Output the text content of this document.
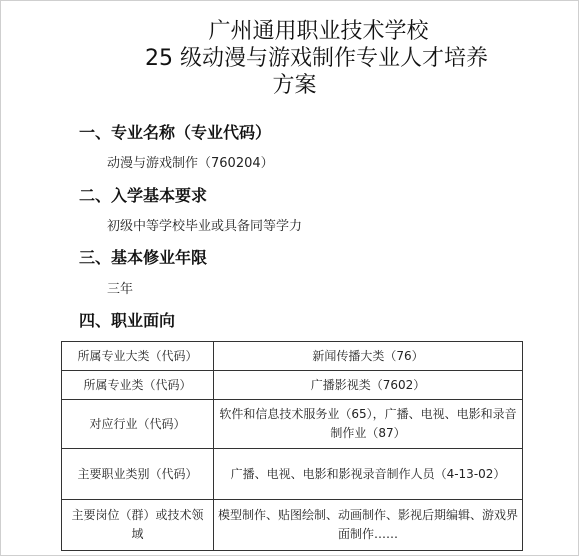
广州通用职业技术学校
25 级动漫与游戏制作专业人才培养
方案
一、专业名称（专业代码）
动漫与游戏制作（760204）
二、入学基本要求
初级中等学校毕业或具备同等学力
三、基本修业年限
三年
四、职业面向
所属专业大类（代码）	新闻传播大类（76）
所属专业类（代码）	广播影视类（7602）
对应行业（代码）	软件和信息技术服务业（65），广播、电视、电影和录音制作业（87）
主要职业类别（代码）	广播、电视、电影和影视录音制作人员（4-13-02）
主要岗位（群）或技术领域	模型制作、贴图绘制、动画制作、影视后期编辑、游戏界面制作……
